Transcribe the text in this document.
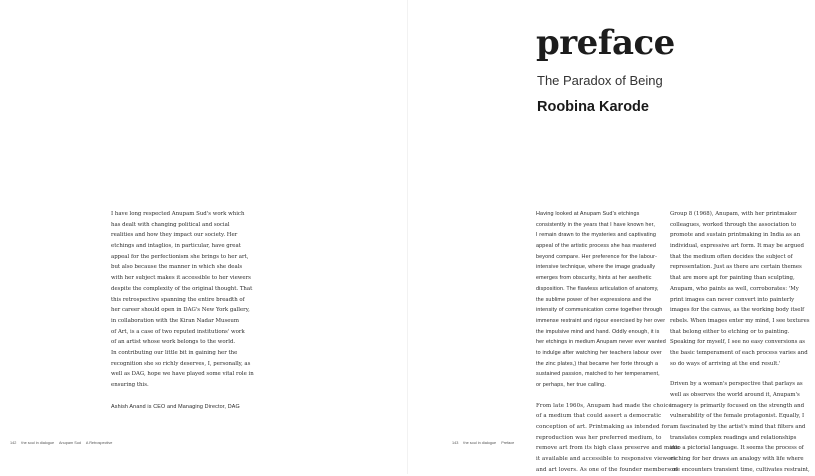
preface
The Paradox of Being
Roobina Karode
I have long respected Anupam Sud's work which
has dealt with changing political and social
realities and how they impact our society. Her
etchings and intaglios, in particular, have great
appeal for the perfectionism she brings to her art,
but also because the manner in which she deals
with her subject makes it accessible to her viewers
despite the complexity of the original thought. That
this retrospective spanning the entire breadth of
her career should open in DAG's New York gallery,
in collaboration with the Kiran Nadar Museum
of Art, is a case of two reputed institutions' work
of an artist whose work belongs to the world.
In contributing our little bit in gaining her the
recognition she so richly deserves, I, personally, as
well as DAG, hope we have played some vital role in
ensuring this.
Ashish Anand is CEO and Managing Director, DAG
Having looked at Anupam Sud's etchings
consistently in the years that I have known her,
I remain drawn to the mysteries and captivating
appeal of the artistic process she has mastered
beyond compare. Her preference for the labour-
intensive technique, where the image gradually
emerges from obscurity, hints at her aesthetic
disposition. The flawless articulation of anatomy,
the sublime power of her expressions and the
intensity of communication come together through
immense restraint and rigour exercised by her over
the impulsive mind and hand. Oddly enough, it is
her etchings in medium Anupam never ever wanted
to indulge after watching her teachers labour over
the zinc plates,) that became her forte through a
sustained passion, matched to her temperament,
or perhaps, her true calling.
From late 1960s, Anupam had made the choice
of a medium that could assert a democratic
conception of art. Printmaking as intended for
reproduction was her preferred medium, to
remove art from its high class preserve and make
it available and accessible to responsive viewers
and art lovers. As one of the founder members of
Group 8 (1968), Anupam, with her printmaker
colleagues, worked through the association to
promote and sustain printmaking in India as an
individual, expressive art form. It may be argued
that the medium often decides the subject of
representation. Just as there are certain themes
that are more apt for painting than sculpting,
Anupam, who paints as well, corroborates: 'My
print images can never convert into painterly
images for the canvas, as the working body itself
rebels. When images enter my mind, I see textures
that belong either to etching or to painting.
Speaking for myself, I see no easy conversions as
the basic temperament of each process varies and
so do ways of arriving at the end result.'
Driven by a woman's perspective that parlays as
well as observes the world around it, Anupam's
imagery is primarily focused on the strength and
vulnerability of the female protagonist. Equally, I
am fascinated by the artist's mind that filters and
translates complex readings and relationships
into a pictorial language. It seems the process of
etching for her draws an analogy with life where
one encounters transient time, cultivates restraint,
142 the soul in dialogue Anupam Sud A Retrospective	143 the soul in dialogue Preface
